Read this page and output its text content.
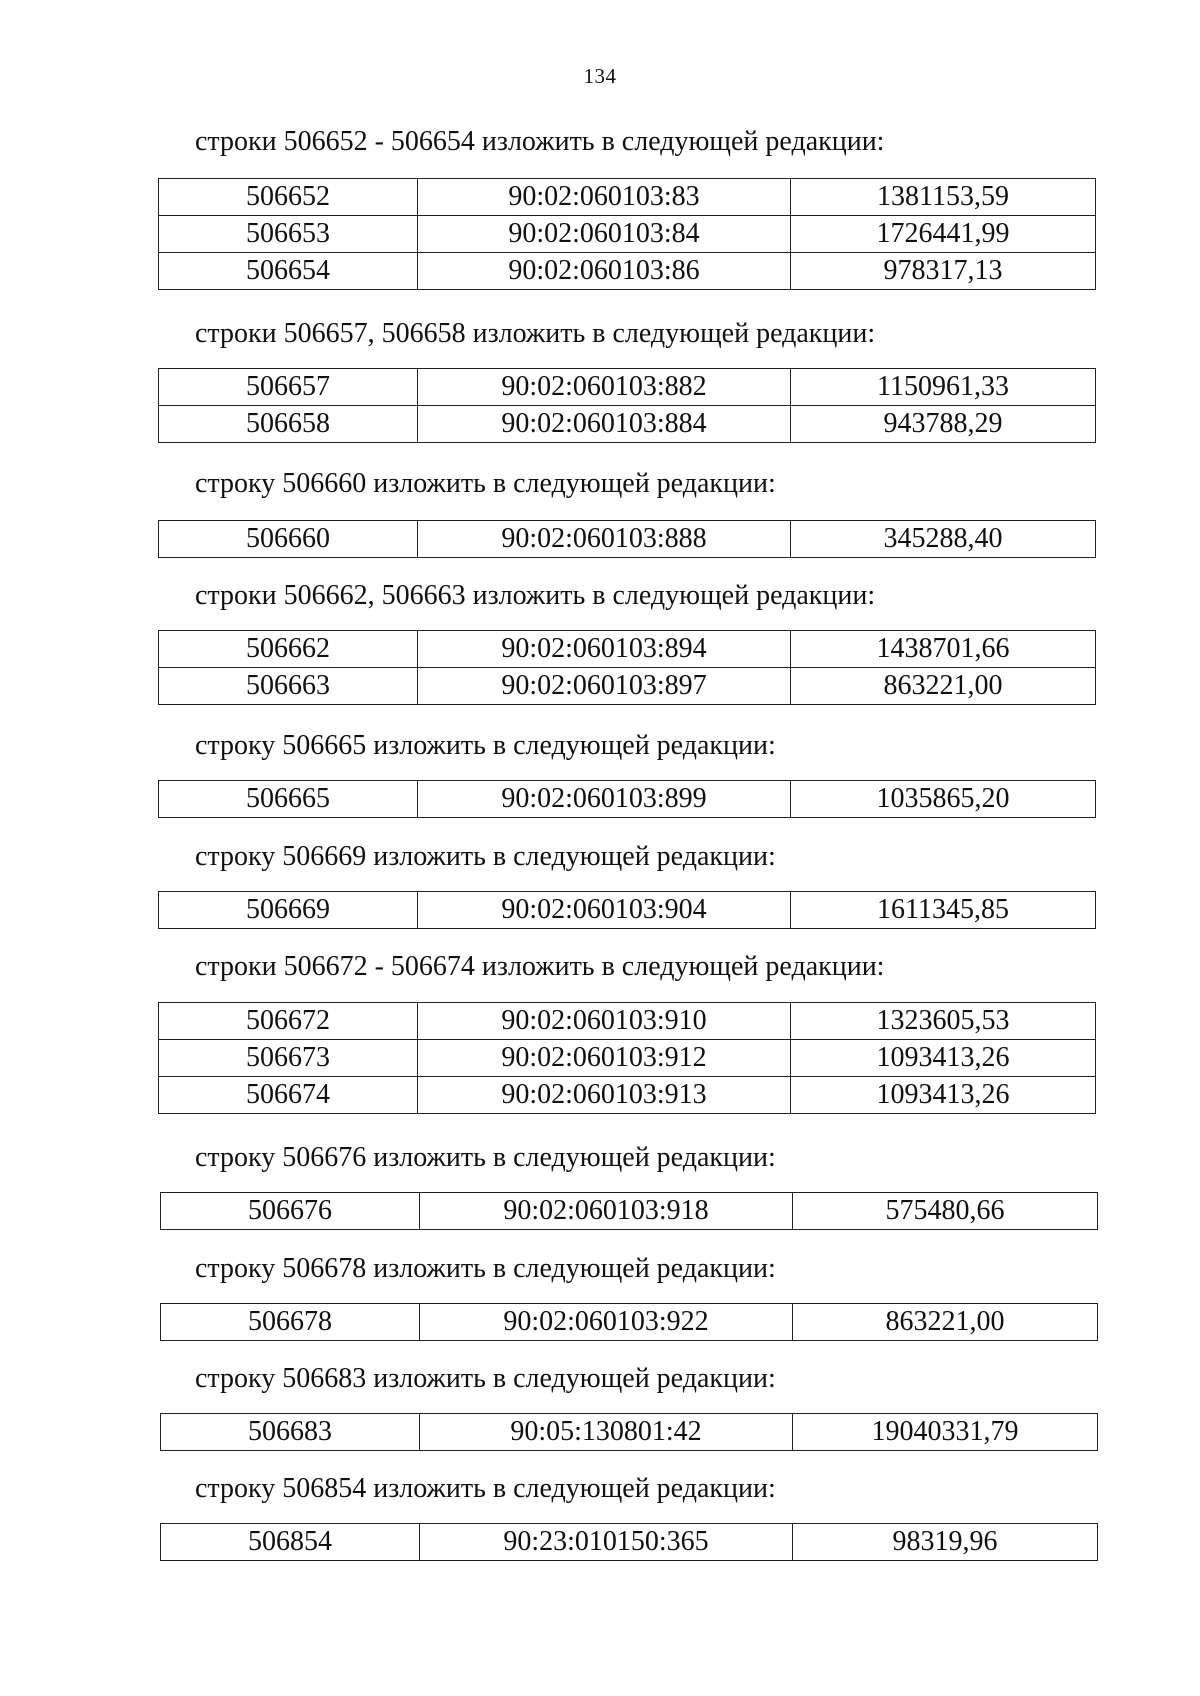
134
строки 506652 - 506654 изложить в следующей редакции:
506652	90:02:060103:83	1381153,59
506653	90:02:060103:84	1726441,99
506654	90:02:060103:86	978317,13
строки 506657, 506658 изложить в следующей редакции:
506657	90:02:060103:882	1150961,33
506658	90:02:060103:884	943788,29
строку 506660 изложить в следующей редакции:
506660	90:02:060103:888	345288,40
строки 506662, 506663 изложить в следующей редакции:
506662	90:02:060103:894	1438701,66
506663	90:02:060103:897	863221,00
строку 506665 изложить в следующей редакции:
506665	90:02:060103:899	1035865,20
строку 506669 изложить в следующей редакции:
506669	90:02:060103:904	1611345,85
строки 506672 - 506674 изложить в следующей редакции:
506672	90:02:060103:910	1323605,53
506673	90:02:060103:912	1093413,26
506674	90:02:060103:913	1093413,26
строку 506676 изложить в следующей редакции:
506676	90:02:060103:918	575480,66
строку 506678 изложить в следующей редакции:
506678	90:02:060103:922	863221,00
строку 506683 изложить в следующей редакции:
506683	90:05:130801:42	19040331,79
строку 506854 изложить в следующей редакции:
506854	90:23:010150:365	98319,96
